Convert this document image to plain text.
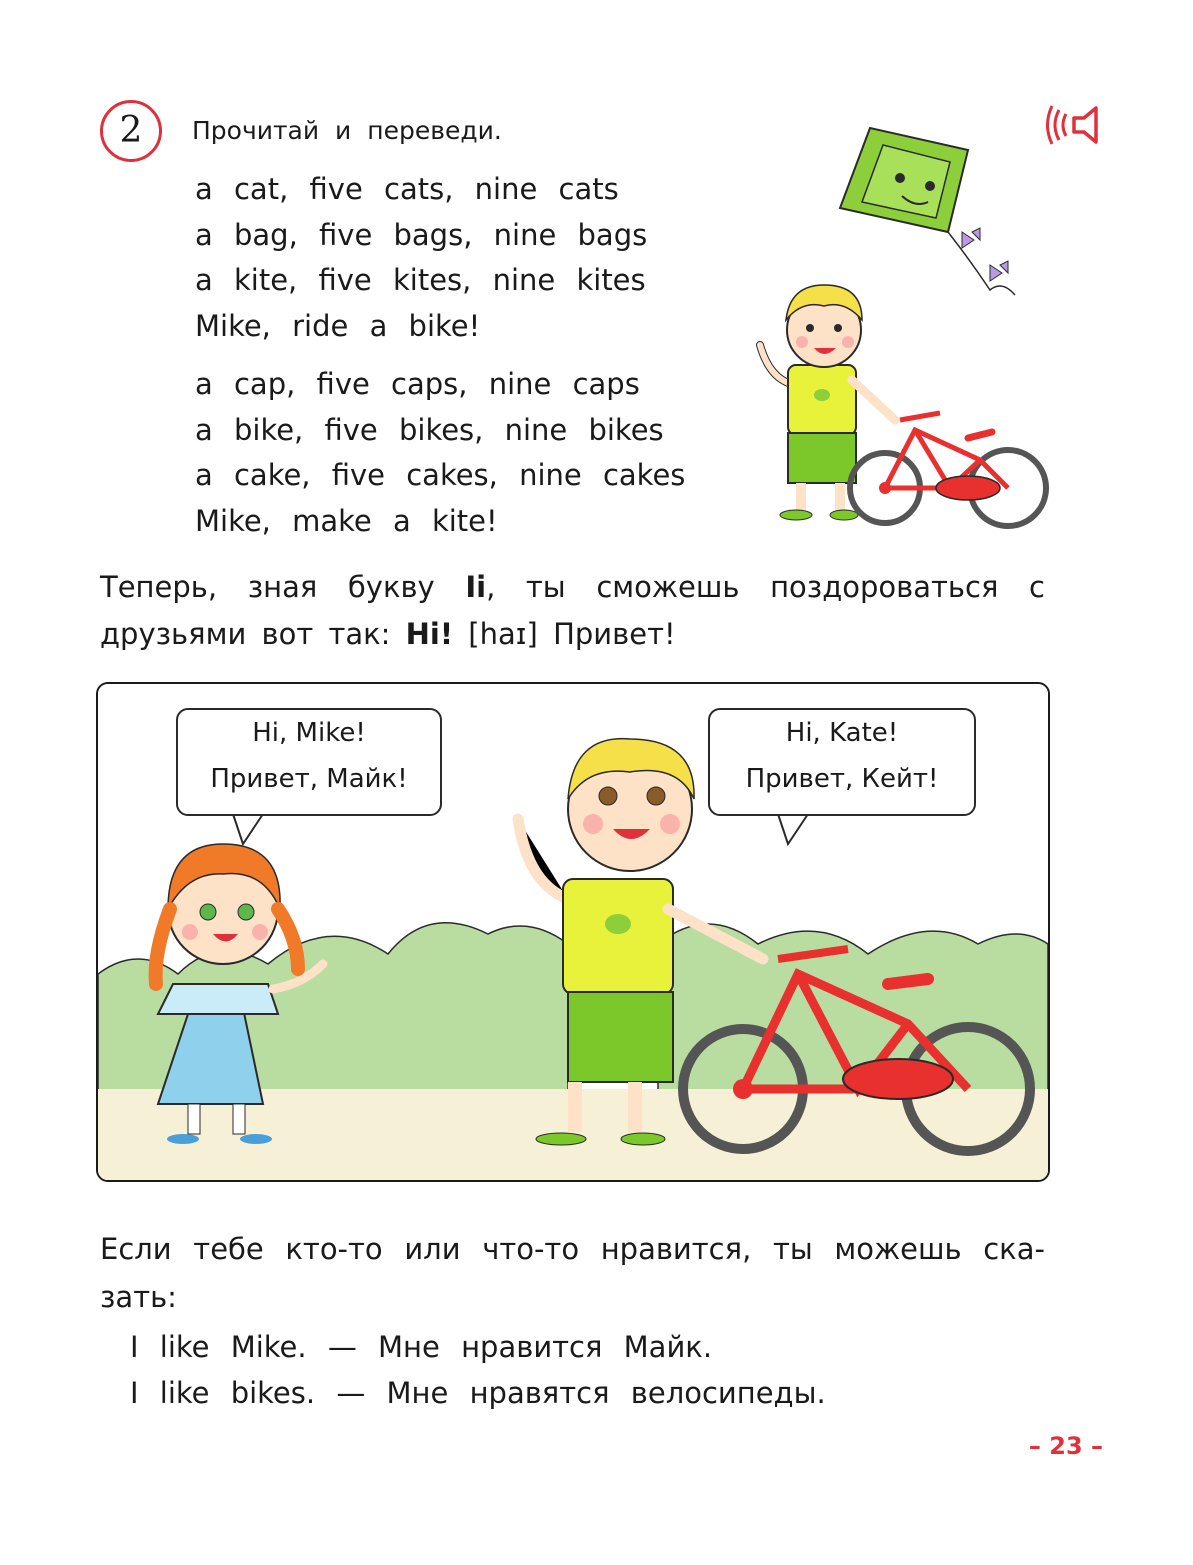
2	Прочитай и переведи.
a cat, five cats, nine cats
a bag, five bags, nine bags
a kite, five kites, nine kites
Mike, ride a bike!
a cap, five caps, nine caps
a bike, five bikes, nine bikes
a cake, five cakes, nine cakes
Mike, make a kite!
Теперь, зная букву Ii, ты сможешь поздороваться с
друзьями вот так: Hi! [haɪ] Привет!
Hi, Mike!
Привет, Майк!
Hi, Kate!
Привет, Кейт!
Если тебе кто-то или что-то нравится, ты можешь ска-
зать:
I like Mike. — Мне нравится Майк.
I like bikes. — Мне нравятся велосипеды.
– 23 –
